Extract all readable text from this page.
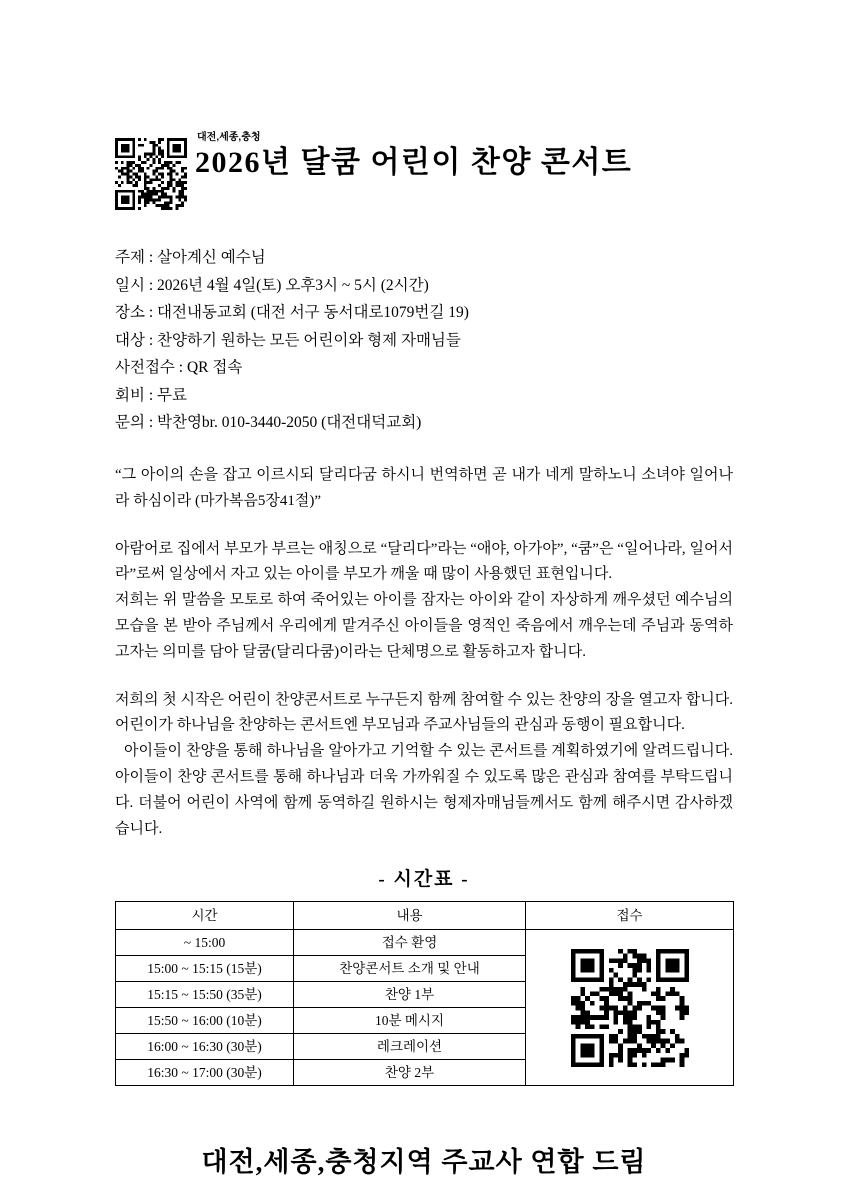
대전,세종,충청
2026년 달쿰 어린이 찬양 콘서트
주제 : 살아계신 예수님
일시 : 2026년 4월 4일(토) 오후3시 ~ 5시 (2시간)
장소 : 대전내동교회 (대전 서구 동서대로1079번길 19)
대상 : 찬양하기 원하는 모든 어린이와 형제 자매님들
사전접수 : QR 접속
회비 : 무료
문의 : 박찬영br. 010-3440-2050 (대전대덕교회)

“그 아이의 손을 잡고 이르시되 달리다굼 하시니 번역하면 곧 내가 네게 말하노니 소녀야 일어나라 하심이라 (마가복음5장41절)”

아람어로 집에서 부모가 부르는 애칭으로 “달리다”라는 “애야, 아가야”, “쿰”은 “일어나라, 일어서라”로써 일상에서 자고 있는 아이를 부모가 깨울 때 많이 사용했던 표현입니다.

저희는 위 말씀을 모토로 하여 죽어있는 아이를 잠자는 아이와 같이 자상하게 깨우셨던 예수님의 모습을 본 받아 주님께서 우리에게 맡겨주신 아이들을 영적인 죽음에서 깨우는데 주님과 동역하고자는 의미를 담아 달쿰(달리다쿰)이라는 단체명으로 활동하고자 합니다.

저희의 첫 시작은 어린이 찬양콘서트로 누구든지 함께 참여할 수 있는 찬양의 장을 열고자 합니다. 어린이가 하나님을 찬양하는 콘서트엔 부모님과 주교사님들의 관심과 동행이 필요합니다.

아이들이 찬양을 통해 하나님을 알아가고 기억할 수 있는 콘서트를 계획하였기에 알려드립니다. 아이들이 찬양 콘서트를 통해 하나님과 더욱 가까워질 수 있도록 많은 관심과 참여를 부탁드립니다. 더불어 어린이 사역에 함께 동역하길 원하시는 형제자매님들께서도 함께 해주시면 감사하겠습니다.

- 시간표 -
시간	내용	접수
~ 15:00	접수 환영	

15:00 ~ 15:15 (15분)	찬양콘서트 소개 및 안내	
15:15 ~ 15:50 (35분)	찬양 1부	
15:50 ~ 16:00 (10분)	10분 메시지	
16:00 ~ 16:30 (30분)	레크레이션	
16:30 ~ 17:00 (30분)	찬양 2부	
대전,세종,충청지역 주교사 연합 드림
